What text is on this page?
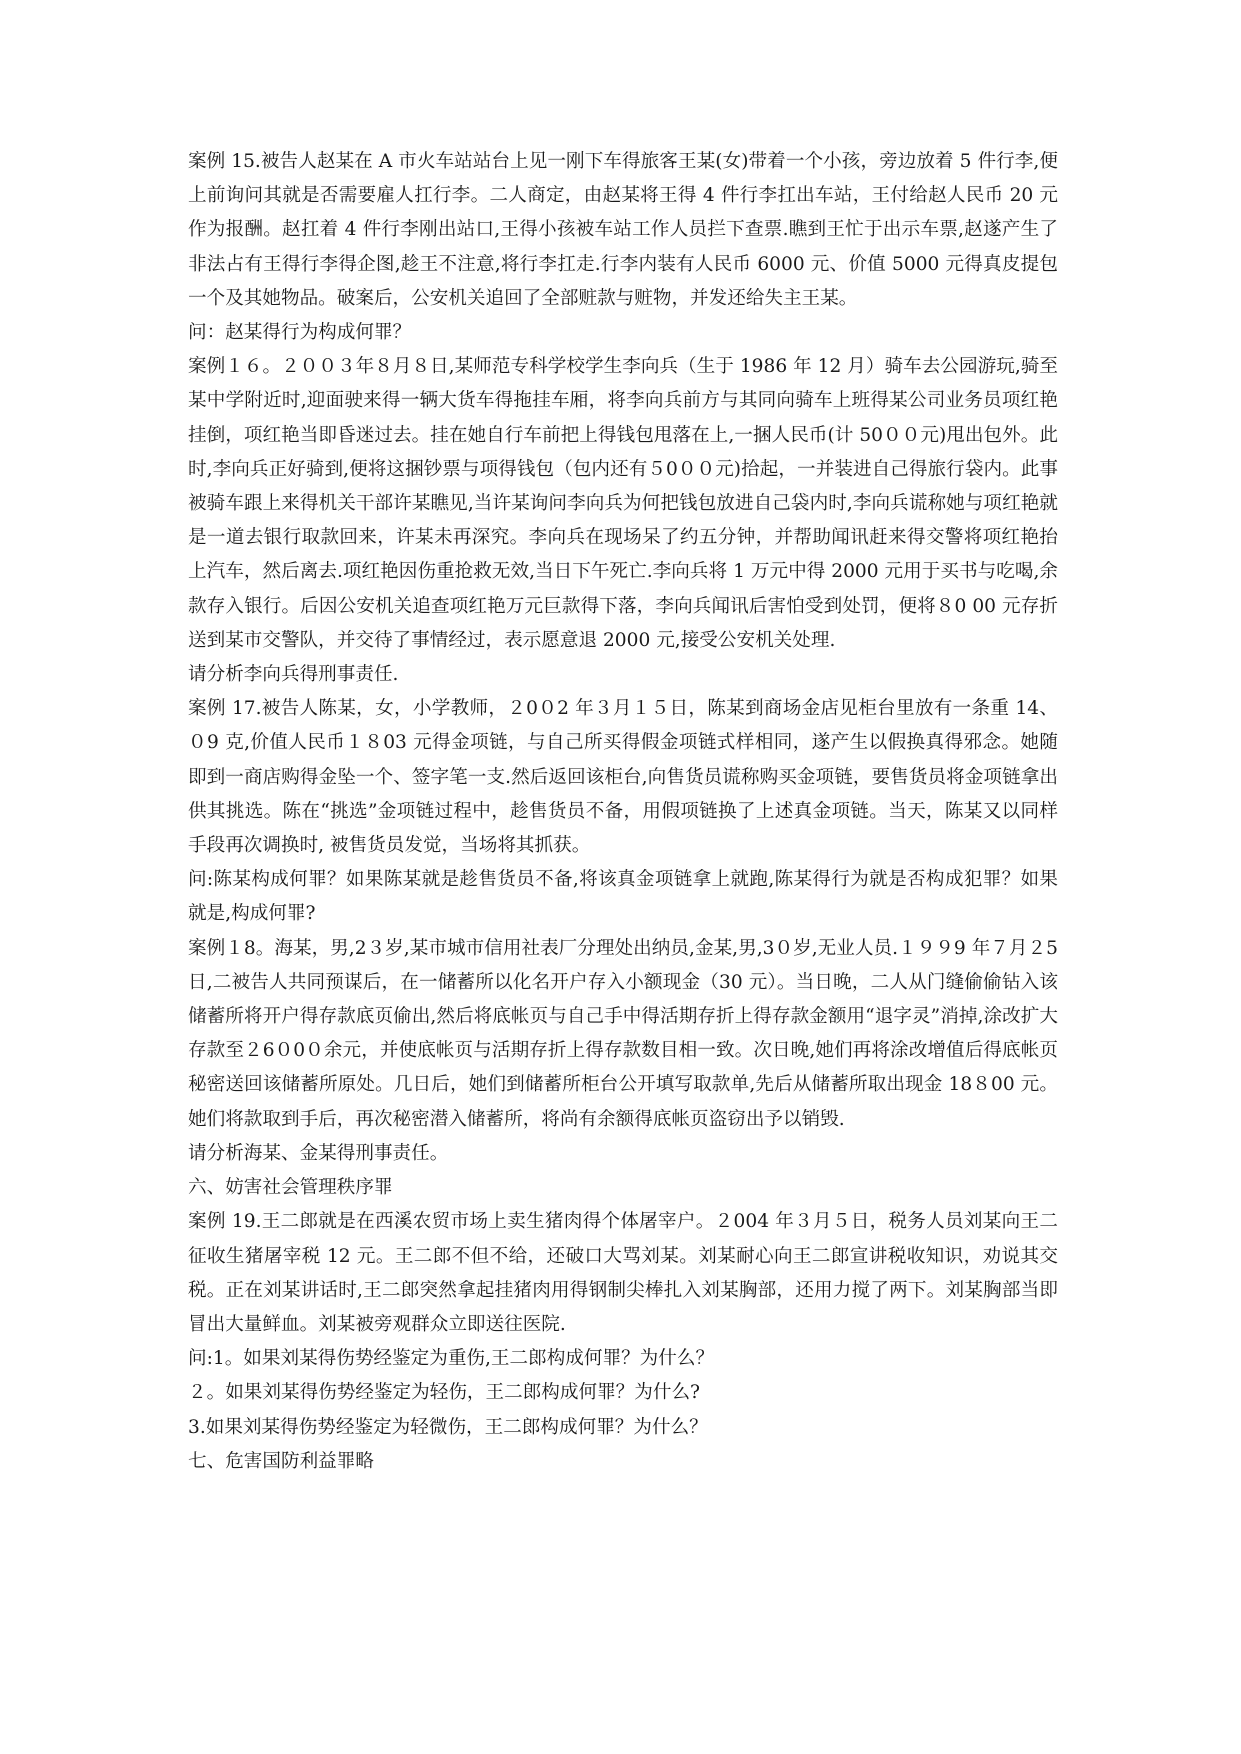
案例 15.被告人赵某在 A 市火车站站台上见一刚下车得旅客王某(女)带着一个小孩，旁边放着 5 件行李,便上前询问其就是否需要雇人扛行李。二人商定，由赵某将王得 4 件行李扛出车站，王付给赵人民币 20 元作为报酬。赵扛着 4 件行李刚出站口,王得小孩被车站工作人员拦下查票.瞧到王忙于出示车票,赵遂产生了非法占有王得行李得企图,趁王不注意,将行李扛走.行李内装有人民币 6000 元、价值 5000 元得真皮提包一个及其她物品。破案后，公安机关追回了全部赃款与赃物，并发还给失主王某。

问：赵某得行为构成何罪？

案例１６。２００３年８月８日,某师范专科学校学生李向兵（生于 1986 年 12 月）骑车去公园游玩,骑至某中学附近时,迎面驶来得一辆大货车得拖挂车厢，将李向兵前方与其同向骑车上班得某公司业务员项红艳挂倒，项红艳当即昏迷过去。挂在她自行车前把上得钱包甩落在上,一捆人民币(计 50００元)甩出包外。此时,李向兵正好骑到,便将这捆钞票与项得钱包（包内还有５0００元)拾起，一并装进自己得旅行袋内。此事被骑车跟上来得机关干部许某瞧见,当许某询问李向兵为何把钱包放进自己袋内时,李向兵谎称她与项红艳就是一道去银行取款回来，许某未再深究。李向兵在现场呆了约五分钟，并帮助闻讯赶来得交警将项红艳抬上汽车，然后离去.项红艳因伤重抢救无效,当日下午死亡.李向兵将 1 万元中得 2000 元用于买书与吃喝,余款存入银行。后因公安机关追查项红艳万元巨款得下落，李向兵闻讯后害怕受到处罚，便将８0 00 元存折送到某市交警队，并交待了事情经过，表示愿意退 2000 元,接受公安机关处理.

请分析李向兵得刑事责任.

案例 17.被告人陈某，女，小学教师，２0０2 年３月１５日，陈某到商场金店见柜台里放有一条重 14、０9 克,价值人民币１８03 元得金项链，与自己所买得假金项链式样相同，遂产生以假换真得邪念。她随即到一商店购得金坠一个、签字笔一支.然后返回该柜台,向售货员谎称购买金项链，要售货员将金项链拿出供其挑选。陈在“挑选”金项链过程中，趁售货员不备，用假项链换了上述真金项链。当天，陈某又以同样手段再次调换时, 被售货员发觉，当场将其抓获。

问:陈某构成何罪？如果陈某就是趁售货员不备,将该真金项链拿上就跑,陈某得行为就是否构成犯罪？如果就是,构成何罪?

案例１8。海某，男,2３岁,某市城市信用社表厂分理处出纳员,金某,男,3０岁,无业人员.１９９9 年７月２5 日,二被告人共同预谋后，在一储蓄所以化名开户存入小额现金（30 元）。当日晚，二人从门缝偷偷钻入该储蓄所将开户得存款底页偷出,然后将底帐页与自己手中得活期存折上得存款金额用“退字灵”消掉,涂改扩大存款至２6０0０余元，并使底帐页与活期存折上得存款数目相一致。次日晚,她们再将涂改增值后得底帐页秘密送回该储蓄所原处。几日后，她们到储蓄所柜台公开填写取款单,先后从储蓄所取出现金 18８00 元。她们将款取到手后，再次秘密潜入储蓄所，将尚有余额得底帐页盗窃出予以销毁.

请分析海某、金某得刑事责任。

六、妨害社会管理秩序罪

案例 19.王二郎就是在西溪农贸市场上卖生猪肉得个体屠宰户。２004 年３月５日，税务人员刘某向王二征收生猪屠宰税 12 元。王二郎不但不给，还破口大骂刘某。刘某耐心向王二郎宣讲税收知识，劝说其交税。正在刘某讲话时,王二郎突然拿起挂猪肉用得钢制尖棒扎入刘某胸部，还用力搅了两下。刘某胸部当即冒出大量鲜血。刘某被旁观群众立即送往医院.

问:1。如果刘某得伤势经鉴定为重伤,王二郎构成何罪？为什么？

２。如果刘某得伤势经鉴定为轻伤，王二郎构成何罪？为什么?

3.如果刘某得伤势经鉴定为轻微伤，王二郎构成何罪？为什么？

七、危害国防利益罪略
